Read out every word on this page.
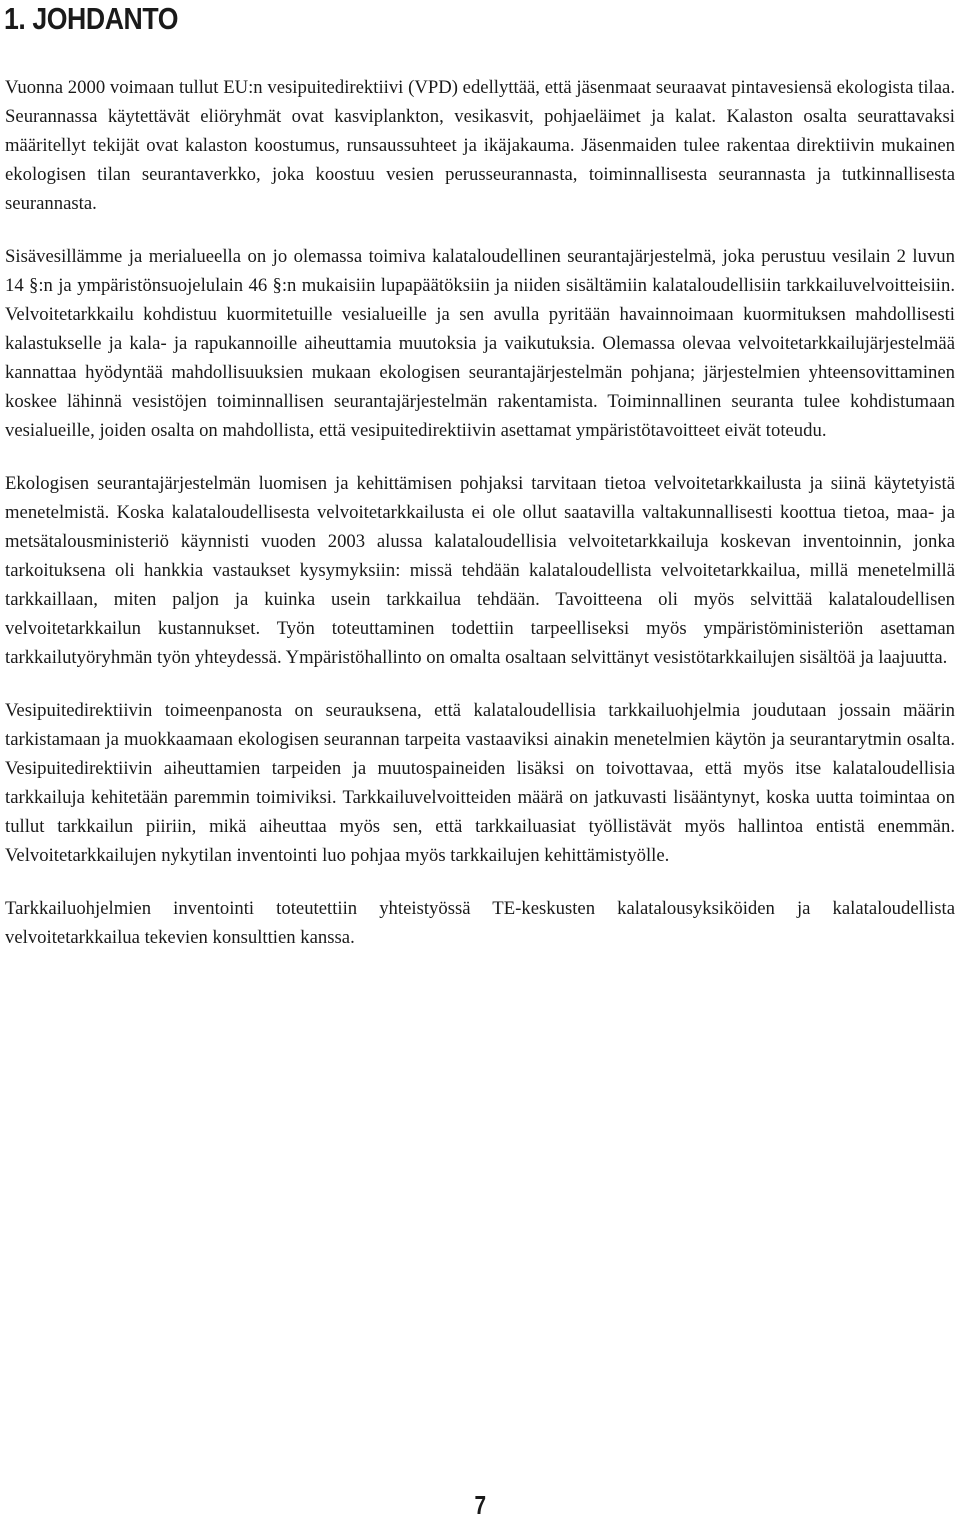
1. JOHDANTO

Vuonna 2000 voimaan tullut EU:n vesipuitedirektiivi (VPD) edellyttää, että jäsenmaat seuraavat pintavesiensä ekologista tilaa. Seurannassa käytettävät eliöryhmät ovat kasviplankton, vesikasvit, pohjaeläimet ja kalat. Kalaston osalta seurattavaksi määritellyt tekijät ovat kalaston koostumus, runsaussuhteet ja ikäjakauma. Jäsenmaiden tulee rakentaa direktiivin mukainen ekologisen tilan seurantaverkko, joka koostuu vesien perusseurannasta, toiminnallisesta seurannasta ja tutkinnallisesta seurannasta.

Sisävesillämme ja merialueella on jo olemassa toimiva kalataloudellinen seurantajärjestelmä, joka perustuu vesilain 2 luvun 14 §:n ja ympäristönsuojelulain 46 §:n mukaisiin lupapäätöksiin ja niiden sisältämiin kalataloudellisiin tarkkailuvelvoitteisiin. Velvoitetarkkailu kohdistuu kuormitetuille vesialueille ja sen avulla pyritään havainnoimaan kuormituksen mahdollisesti kalastukselle ja kala- ja rapukannoille aiheuttamia muutoksia ja vaikutuksia. Olemassa olevaa velvoitetarkkailujärjestelmää kannattaa hyödyntää mahdollisuuksien mukaan ekologisen seurantajärjestelmän pohjana; järjestelmien yhteensovittaminen koskee lähinnä vesistöjen toiminnallisen seurantajärjestelmän rakentamista. Toiminnallinen seuranta tulee kohdistumaan vesialueille, joiden osalta on mahdollista, että vesipuitedirektiivin asettamat ympäristötavoitteet eivät toteudu.

Ekologisen seurantajärjestelmän luomisen ja kehittämisen pohjaksi tarvitaan tietoa velvoitetarkkailusta ja siinä käytetyistä menetelmistä. Koska kalataloudellisesta velvoitetarkkailusta ei ole ollut saatavilla valtakunnallisesti koottua tietoa, maa- ja metsätalousministeriö käynnisti vuoden 2003 alussa kalataloudellisia velvoitetarkkailuja koskevan inventoinnin, jonka tarkoituksena oli hankkia vastaukset kysymyksiin: missä tehdään kalataloudellista velvoitetarkkailua, millä menetelmillä tarkkaillaan, miten paljon ja kuinka usein tarkkailua tehdään. Tavoitteena oli myös selvittää kalataloudellisen velvoitetarkkailun kustannukset. Työn toteuttaminen todettiin tarpeelliseksi myös ympäristöministeriön asettaman tarkkailutyöryhmän työn yhteydessä. Ympäristöhallinto on omalta osaltaan selvittänyt vesistötarkkailujen sisältöä ja laajuutta.

Vesipuitedirektiivin toimeenpanosta on seurauksena, että kalataloudellisia tarkkailuohjelmia joudutaan jossain määrin tarkistamaan ja muokkaamaan ekologisen seurannan tarpeita vastaaviksi ainakin menetelmien käytön ja seurantarytmin osalta. Vesipuitedirektiivin aiheuttamien tarpeiden ja muutospaineiden lisäksi on toivottavaa, että myös itse kalataloudellisia tarkkailuja kehitetään paremmin toimiviksi. Tarkkailuvelvoitteiden määrä on jatkuvasti lisääntynyt, koska uutta toimintaa on tullut tarkkailun piiriin, mikä aiheuttaa myös sen, että tarkkailuasiat työllistävät myös hallintoa entistä enemmän. Velvoitetarkkailujen nykytilan inventointi luo pohjaa myös tarkkailujen kehittämistyölle.

Tarkkailuohjelmien inventointi toteutettiin yhteistyössä TE-keskusten kalatalousyksiköiden ja kalataloudellista velvoitetarkkailua tekevien konsulttien kanssa.

7
